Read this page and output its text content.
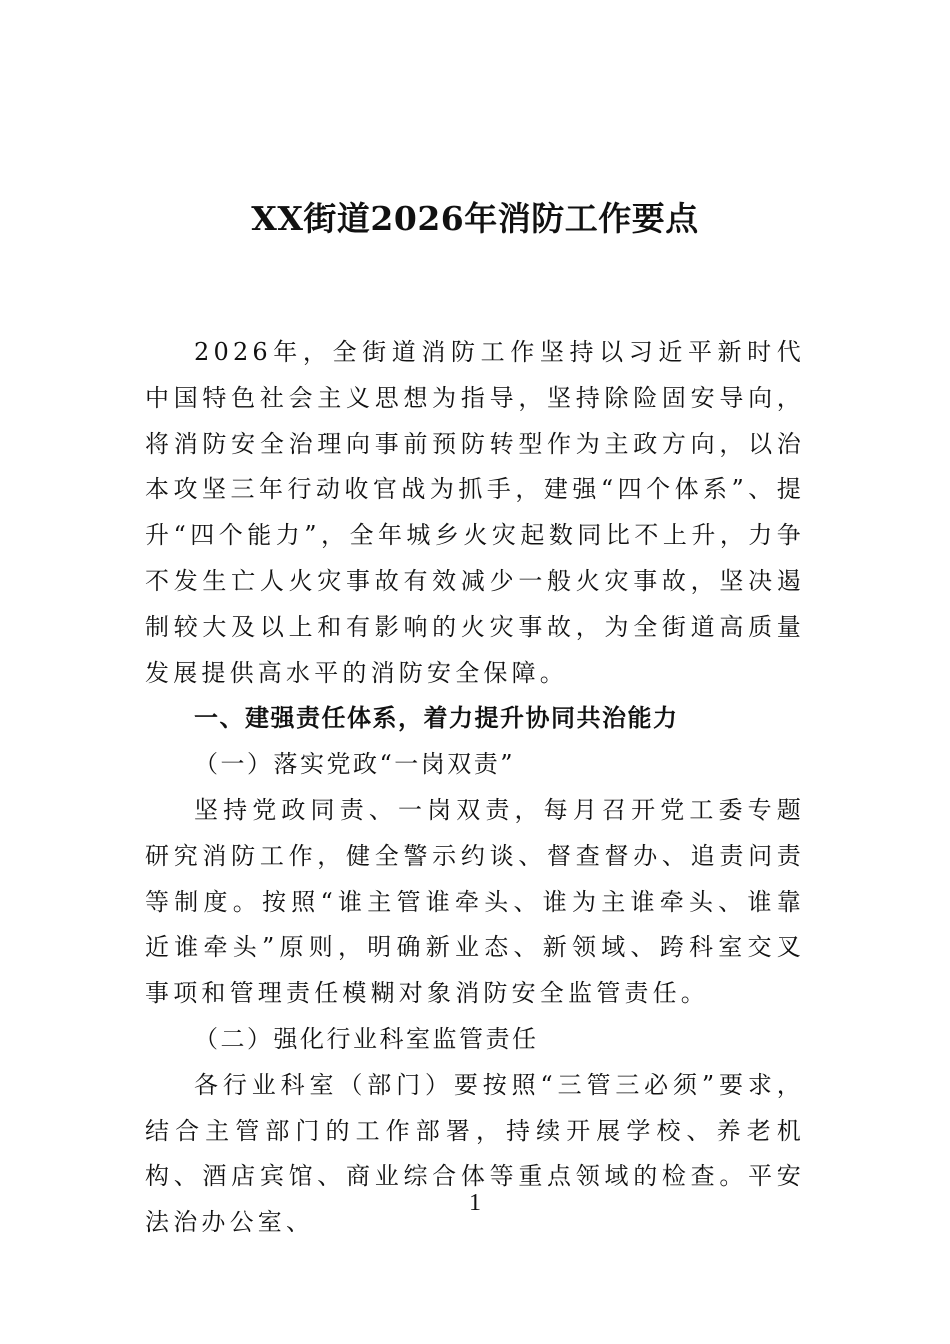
XX街道2026年消防工作要点

2026年，全街道消防工作坚持以习近平新时代中国特色社会主义思想为指导，坚持除险固安导向，将消防安全治理向事前预防转型作为主政方向，以治本攻坚三年行动收官战为抓手，建强“四个体系”、提升“四个能力”，全年城乡火灾起数同比不上升，力争不发生亡人火灾事故有效减少一般火灾事故，坚决遏制较大及以上和有影响的火灾事故，为全街道高质量发展提供高水平的消防安全保障。

一、建强责任体系，着力提升协同共治能力

（一）落实党政“一岗双责”

坚持党政同责、一岗双责，每月召开党工委专题研究消防工作，健全警示约谈、督查督办、追责问责等制度。按照“谁主管谁牵头、谁为主谁牵头、谁靠近谁牵头”原则，明确新业态、新领域、跨科室交叉事项和管理责任模糊对象消防安全监管责任。

（二）强化行业科室监管责任

各行业科室（部门）要按照“三管三必须”要求，结合主管部门的工作部署，持续开展学校、养老机构、酒店宾馆、商业综合体等重点领域的检查。平安法治办公室、

1
